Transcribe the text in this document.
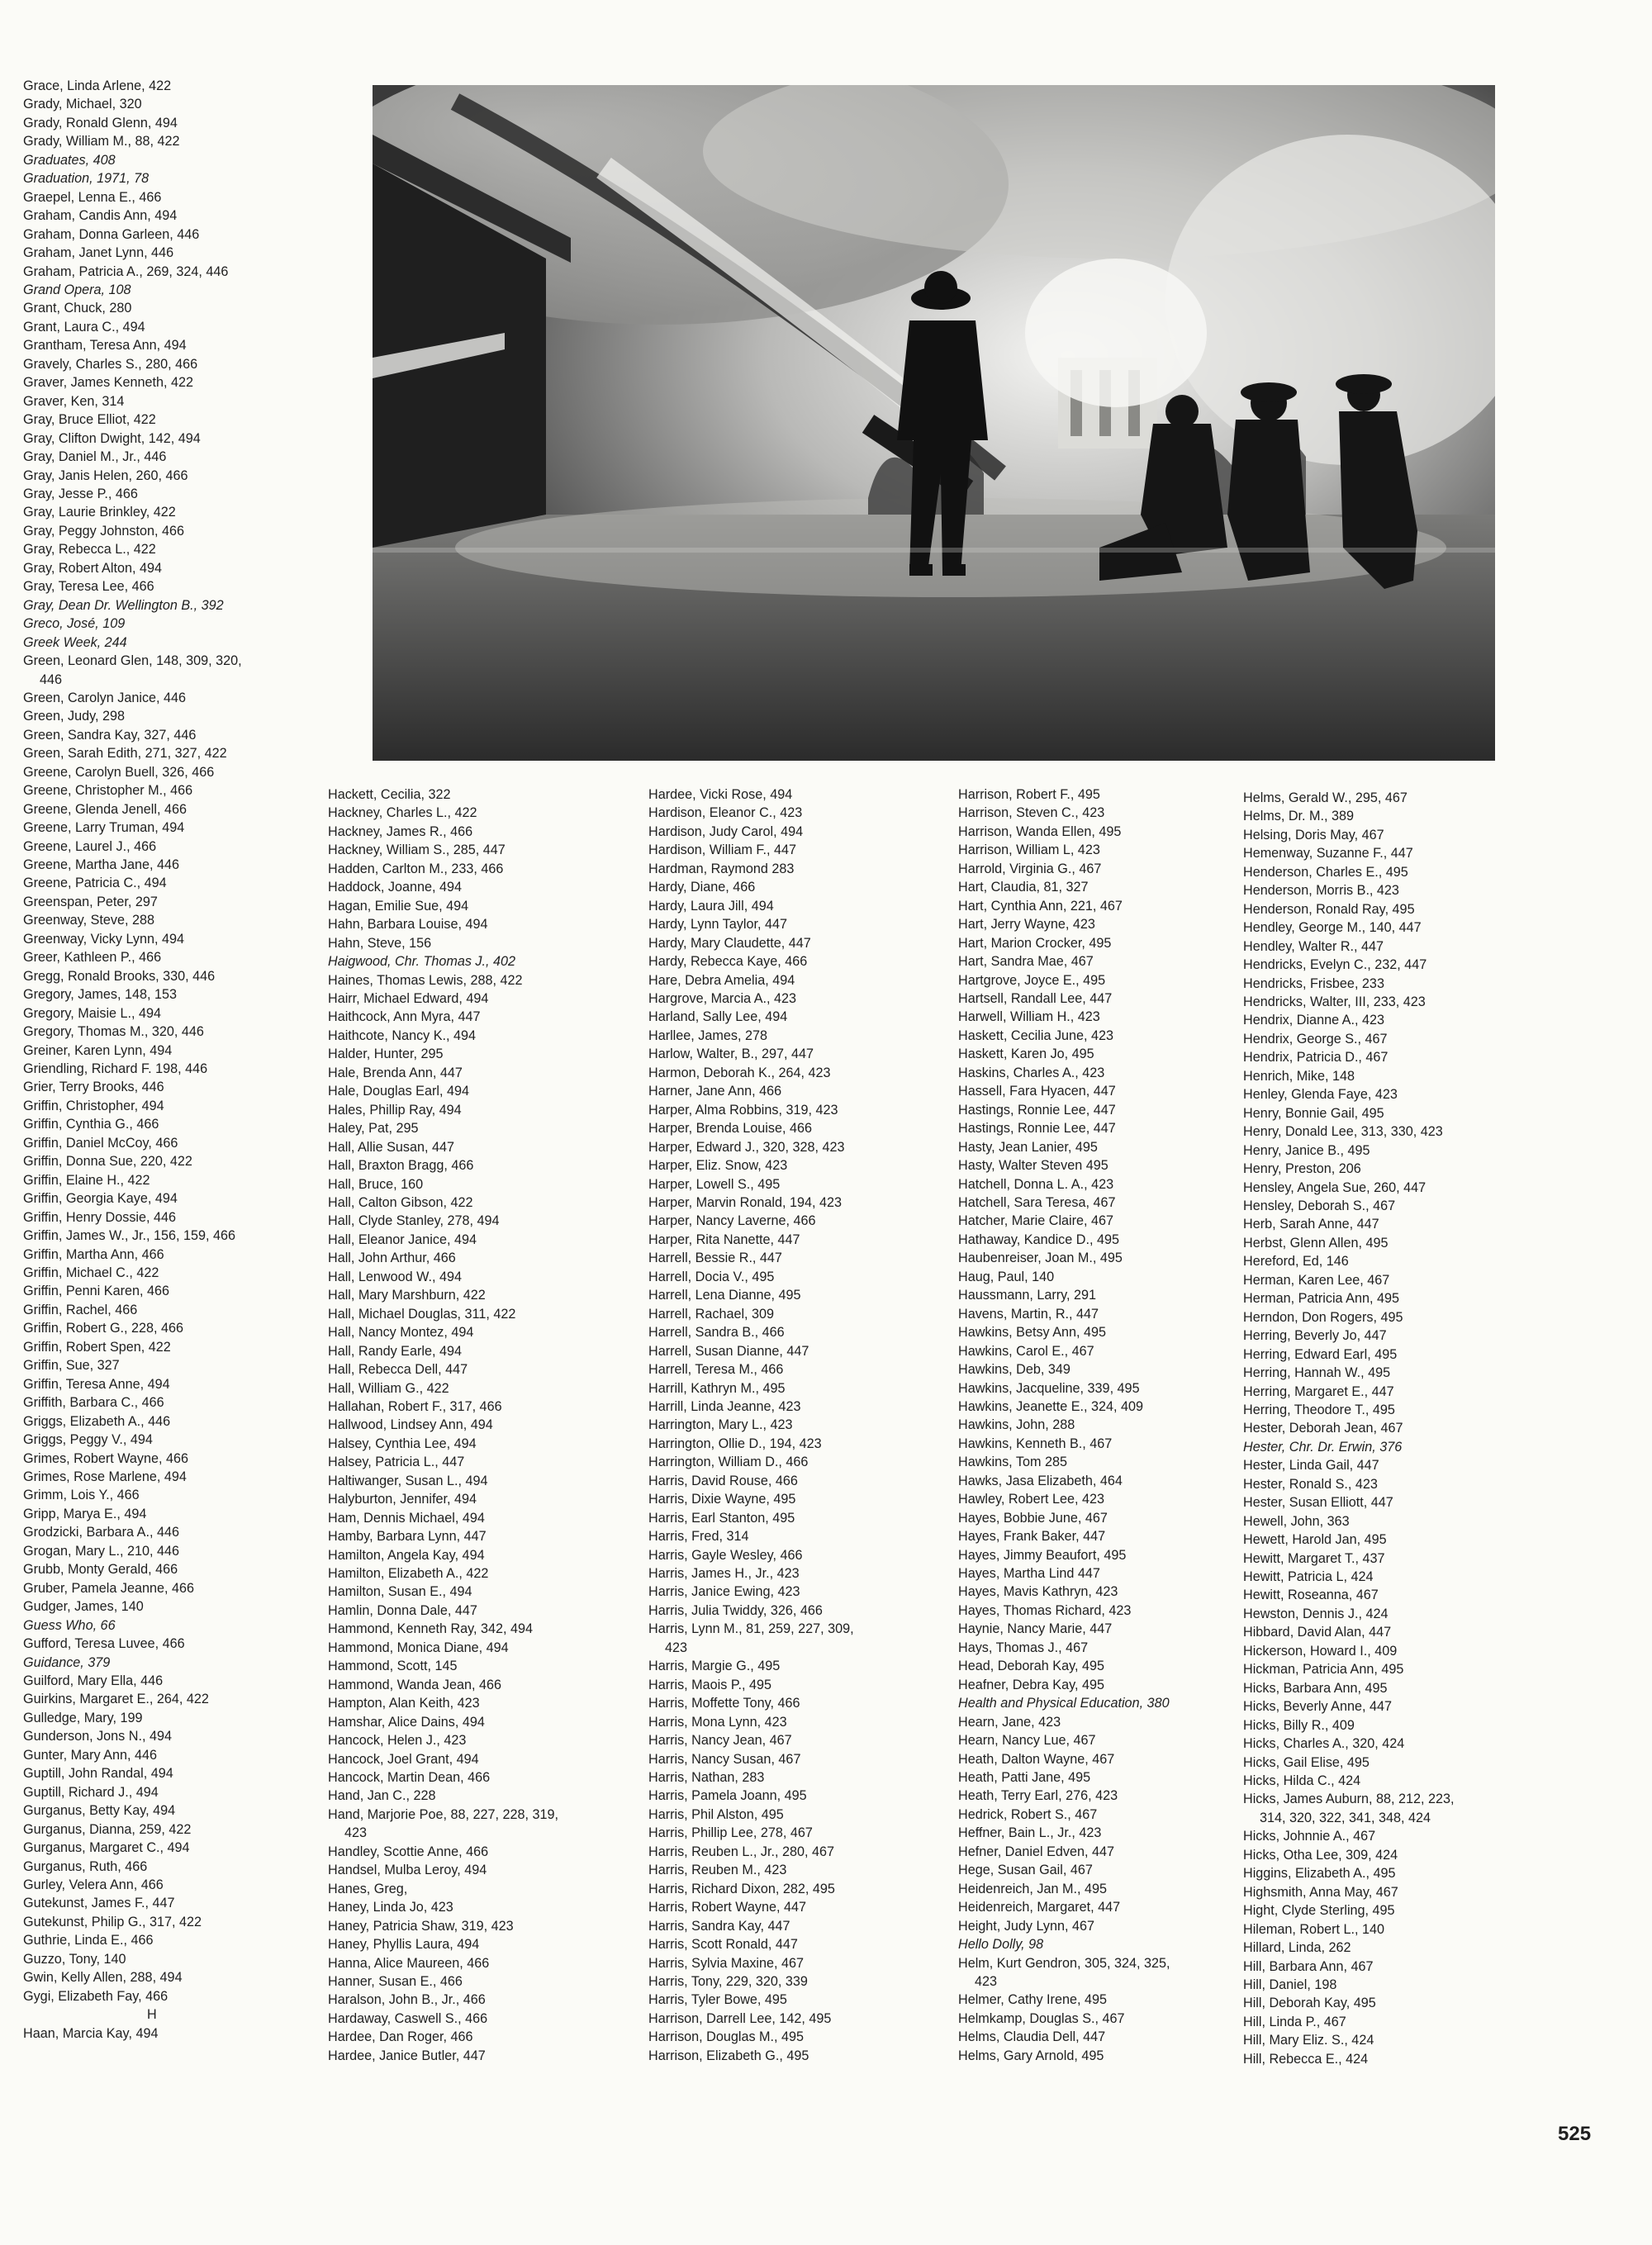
Grace, Linda Arlene, 422
Grady, Michael, 320
Grady, Ronald Glenn, 494
Grady, William M., 88, 422
Graduates, 408
Graduation, 1971, 78
Graepel, Lenna E., 466
Graham, Candis Ann, 494
Graham, Donna Garleen, 446
Graham, Janet Lynn, 446
Graham, Patricia A., 269, 324, 446
Grand Opera, 108
Grant, Chuck, 280
Grant, Laura C., 494
Grantham, Teresa Ann, 494
Gravely, Charles S., 280, 466
Graver, James Kenneth, 422
Graver, Ken, 314
Gray, Bruce Elliot, 422
Gray, Clifton Dwight, 142, 494
Gray, Daniel M., Jr., 446
Gray, Janis Helen, 260, 466
Gray, Jesse P., 466
Gray, Laurie Brinkley, 422
Gray, Peggy Johnston, 466
Gray, Rebecca L., 422
Gray, Robert Alton, 494
Gray, Teresa Lee, 466
Gray, Dean Dr. Wellington B., 392
Greco, José, 109
Greek Week, 244
Green, Leonard Glen, 148, 309, 320,
446
Green, Carolyn Janice, 446
Green, Judy, 298
Green, Sandra Kay, 327, 446
Green, Sarah Edith, 271, 327, 422
Greene, Carolyn Buell, 326, 466
Greene, Christopher M., 466
Greene, Glenda Jenell, 466
Greene, Larry Truman, 494
Greene, Laurel J., 466
Greene, Martha Jane, 446
Greene, Patricia C., 494
Greenspan, Peter, 297
Greenway, Steve, 288
Greenway, Vicky Lynn, 494
Greer, Kathleen P., 466
Gregg, Ronald Brooks, 330, 446
Gregory, James, 148, 153
Gregory, Maisie L., 494
Gregory, Thomas M., 320, 446
Greiner, Karen Lynn, 494
Griendling, Richard F. 198, 446
Grier, Terry Brooks, 446
Griffin, Christopher, 494
Griffin, Cynthia G., 466
Griffin, Daniel McCoy, 466
Griffin, Donna Sue, 220, 422
Griffin, Elaine H., 422
Griffin, Georgia Kaye, 494
Griffin, Henry Dossie, 446
Griffin, James W., Jr., 156, 159, 466
Griffin, Martha Ann, 466
Griffin, Michael C., 422
Griffin, Penni Karen, 466
Griffin, Rachel, 466
Griffin, Robert G., 228, 466
Griffin, Robert Spen, 422
Griffin, Sue, 327
Griffin, Teresa Anne, 494
Griffith, Barbara C., 466
Griggs, Elizabeth A., 446
Griggs, Peggy V., 494
Grimes, Robert Wayne, 466
Grimes, Rose Marlene, 494
Grimm, Lois Y., 466
Gripp, Marya E., 494
Grodzicki, Barbara A., 446
Grogan, Mary L., 210, 446
Grubb, Monty Gerald, 466
Gruber, Pamela Jeanne, 466
Gudger, James, 140
Guess Who, 66
Gufford, Teresa Luvee, 466
Guidance, 379
Guilford, Mary Ella, 446
Guirkins, Margaret E., 264, 422
Gulledge, Mary, 199
Gunderson, Jons N., 494
Gunter, Mary Ann, 446
Guptill, John Randal, 494
Guptill, Richard J., 494
Gurganus, Betty Kay, 494
Gurganus, Dianna, 259, 422
Gurganus, Margaret C., 494
Gurganus, Ruth, 466
Gurley, Velera Ann, 466
Gutekunst, James F., 447
Gutekunst, Philip G., 317, 422
Guthrie, Linda E., 466
Guzzo, Tony, 140
Gwin, Kelly Allen, 288, 494
Gygi, Elizabeth Fay, 466
H
Haan, Marcia Kay, 494
Hackett, Cecilia, 322
Hackney, Charles L., 422
Hackney, James R., 466
Hackney, William S., 285, 447
Hadden, Carlton M., 233, 466
Haddock, Joanne, 494
Hagan, Emilie Sue, 494
Hahn, Barbara Louise, 494
Hahn, Steve, 156
Haigwood, Chr. Thomas J., 402
Haines, Thomas Lewis, 288, 422
Hairr, Michael Edward, 494
Haithcock, Ann Myra, 447
Haithcote, Nancy K., 494
Halder, Hunter, 295
Hale, Brenda Ann, 447
Hale, Douglas Earl, 494
Hales, Phillip Ray, 494
Haley, Pat, 295
Hall, Allie Susan, 447
Hall, Braxton Bragg, 466
Hall, Bruce, 160
Hall, Calton Gibson, 422
Hall, Clyde Stanley, 278, 494
Hall, Eleanor Janice, 494
Hall, John Arthur, 466
Hall, Lenwood W., 494
Hall, Mary Marshburn, 422
Hall, Michael Douglas, 311, 422
Hall, Nancy Montez, 494
Hall, Randy Earle, 494
Hall, Rebecca Dell, 447
Hall, William G., 422
Hallahan, Robert F., 317, 466
Hallwood, Lindsey Ann, 494
Halsey, Cynthia Lee, 494
Halsey, Patricia L., 447
Haltiwanger, Susan L., 494
Halyburton, Jennifer, 494
Ham, Dennis Michael, 494
Hamby, Barbara Lynn, 447
Hamilton, Angela Kay, 494
Hamilton, Elizabeth A., 422
Hamilton, Susan E., 494
Hamlin, Donna Dale, 447
Hammond, Kenneth Ray, 342, 494
Hammond, Monica Diane, 494
Hammond, Scott, 145
Hammond, Wanda Jean, 466
Hampton, Alan Keith, 423
Hamshar, Alice Dains, 494
Hancock, Helen J., 423
Hancock, Joel Grant, 494
Hancock, Martin Dean, 466
Hand, Jan C., 228
Hand, Marjorie Poe, 88, 227, 228, 319,
423
Handley, Scottie Anne, 466
Handsel, Mulba Leroy, 494
Hanes, Greg,
Haney, Linda Jo, 423
Haney, Patricia Shaw, 319, 423
Haney, Phyllis Laura, 494
Hanna, Alice Maureen, 466
Hanner, Susan E., 466
Haralson, John B., Jr., 466
Hardaway, Caswell S., 466
Hardee, Dan Roger, 466
Hardee, Janice Butler, 447
Hardee, Vicki Rose, 494
Hardison, Eleanor C., 423
Hardison, Judy Carol, 494
Hardison, William F., 447
Hardman, Raymond 283
Hardy, Diane, 466
Hardy, Laura Jill, 494
Hardy, Lynn Taylor, 447
Hardy, Mary Claudette, 447
Hardy, Rebecca Kaye, 466
Hare, Debra Amelia, 494
Hargrove, Marcia A., 423
Harland, Sally Lee, 494
Harllee, James, 278
Harlow, Walter, B., 297, 447
Harmon, Deborah K., 264, 423
Harner, Jane Ann, 466
Harper, Alma Robbins, 319, 423
Harper, Brenda Louise, 466
Harper, Edward J., 320, 328, 423
Harper, Eliz. Snow, 423
Harper, Lowell S., 495
Harper, Marvin Ronald, 194, 423
Harper, Nancy Laverne, 466
Harper, Rita Nanette, 447
Harrell, Bessie R., 447
Harrell, Docia V., 495
Harrell, Lena Dianne, 495
Harrell, Rachael, 309
Harrell, Sandra B., 466
Harrell, Susan Dianne, 447
Harrell, Teresa M., 466
Harrill, Kathryn M., 495
Harrill, Linda Jeanne, 423
Harrington, Mary L., 423
Harrington, Ollie D., 194, 423
Harrington, William D., 466
Harris, David Rouse, 466
Harris, Dixie Wayne, 495
Harris, Earl Stanton, 495
Harris, Fred, 314
Harris, Gayle Wesley, 466
Harris, James H., Jr., 423
Harris, Janice Ewing, 423
Harris, Julia Twiddy, 326, 466
Harris, Lynn M., 81, 259, 227, 309,
423
Harris, Margie G., 495
Harris, Maois P., 495
Harris, Moffette Tony, 466
Harris, Mona Lynn, 423
Harris, Nancy Jean, 467
Harris, Nancy Susan, 467
Harris, Nathan, 283
Harris, Pamela Joann, 495
Harris, Phil Alston, 495
Harris, Phillip Lee, 278, 467
Harris, Reuben L., Jr., 280, 467
Harris, Reuben M., 423
Harris, Richard Dixon, 282, 495
Harris, Robert Wayne, 447
Harris, Sandra Kay, 447
Harris, Scott Ronald, 447
Harris, Sylvia Maxine, 467
Harris, Tony, 229, 320, 339
Harris, Tyler Bowe, 495
Harrison, Darrell Lee, 142, 495
Harrison, Douglas M., 495
Harrison, Elizabeth G., 495
Harrison, Robert F., 495
Harrison, Steven C., 423
Harrison, Wanda Ellen, 495
Harrison, William L, 423
Harrold, Virginia G., 467
Hart, Claudia, 81, 327
Hart, Cynthia Ann, 221, 467
Hart, Jerry Wayne, 423
Hart, Marion Crocker, 495
Hart, Sandra Mae, 467
Hartgrove, Joyce E., 495
Hartsell, Randall Lee, 447
Harwell, William H., 423
Haskett, Cecilia June, 423
Haskett, Karen Jo, 495
Haskins, Charles A., 423
Hassell, Fara Hyacen, 447
Hastings, Ronnie Lee, 447
Hastings, Ronnie Lee, 447
Hasty, Jean Lanier, 495
Hasty, Walter Steven 495
Hatchell, Donna L. A., 423
Hatchell, Sara Teresa, 467
Hatcher, Marie Claire, 467
Hathaway, Kandice D., 495
Haubenreiser, Joan M., 495
Haug, Paul, 140
Haussmann, Larry, 291
Havens, Martin, R., 447
Hawkins, Betsy Ann, 495
Hawkins, Carol E., 467
Hawkins, Deb, 349
Hawkins, Jacqueline, 339, 495
Hawkins, Jeanette E., 324, 409
Hawkins, John, 288
Hawkins, Kenneth B., 467
Hawkins, Tom 285
Hawks, Jasa Elizabeth, 464
Hawley, Robert Lee, 423
Hayes, Bobbie June, 467
Hayes, Frank Baker, 447
Hayes, Jimmy Beaufort, 495
Hayes, Martha Lind 447
Hayes, Mavis Kathryn, 423
Hayes, Thomas Richard, 423
Haynie, Nancy Marie, 447
Hays, Thomas J., 467
Head, Deborah Kay, 495
Heafner, Debra Kay, 495
Health and Physical Education, 380
Hearn, Jane, 423
Hearn, Nancy Lue, 467
Heath, Dalton Wayne, 467
Heath, Patti Jane, 495
Heath, Terry Earl, 276, 423
Hedrick, Robert S., 467
Heffner, Bain L., Jr., 423
Hefner, Daniel Edven, 447
Hege, Susan Gail, 467
Heidenreich, Jan M., 495
Heidenreich, Margaret, 447
Height, Judy Lynn, 467
Hello Dolly, 98
Helm, Kurt Gendron, 305, 324, 325,
423
Helmer, Cathy Irene, 495
Helmkamp, Douglas S., 467
Helms, Claudia Dell, 447
Helms, Gary Arnold, 495
Helms, Gerald W., 295, 467
Helms, Dr. M., 389
Helsing, Doris May, 467
Hemenway, Suzanne F., 447
Henderson, Charles E., 495
Henderson, Morris B., 423
Henderson, Ronald Ray, 495
Hendley, George M., 140, 447
Hendley, Walter R., 447
Hendricks, Evelyn C., 232, 447
Hendricks, Frisbee, 233
Hendricks, Walter, III, 233, 423
Hendrix, Dianne A., 423
Hendrix, George S., 467
Hendrix, Patricia D., 467
Henrich, Mike, 148
Henley, Glenda Faye, 423
Henry, Bonnie Gail, 495
Henry, Donald Lee, 313, 330, 423
Henry, Janice B., 495
Henry, Preston, 206
Hensley, Angela Sue, 260, 447
Hensley, Deborah S., 467
Herb, Sarah Anne, 447
Herbst, Glenn Allen, 495
Hereford, Ed, 146
Herman, Karen Lee, 467
Herman, Patricia Ann, 495
Herndon, Don Rogers, 495
Herring, Beverly Jo, 447
Herring, Edward Earl, 495
Herring, Hannah W., 495
Herring, Margaret E., 447
Herring, Theodore T., 495
Hester, Deborah Jean, 467
Hester, Chr. Dr. Erwin, 376
Hester, Linda Gail, 447
Hester, Ronald S., 423
Hester, Susan Elliott, 447
Hewell, John, 363
Hewett, Harold Jan, 495
Hewitt, Margaret T., 437
Hewitt, Patricia L, 424
Hewitt, Roseanna, 467
Hewston, Dennis J., 424
Hibbard, David Alan, 447
Hickerson, Howard I., 409
Hickman, Patricia Ann, 495
Hicks, Barbara Ann, 495
Hicks, Beverly Anne, 447
Hicks, Billy R., 409
Hicks, Charles A., 320, 424
Hicks, Gail Elise, 495
Hicks, Hilda C., 424
Hicks, James Auburn, 88, 212, 223,
314, 320, 322, 341, 348, 424
Hicks, Johnnie A., 467
Hicks, Otha Lee, 309, 424
Higgins, Elizabeth A., 495
Highsmith, Anna May, 467
Hight, Clyde Sterling, 495
Hileman, Robert L., 140
Hillard, Linda, 262
Hill, Barbara Ann, 467
Hill, Daniel, 198
Hill, Deborah Kay, 495
Hill, Linda P., 467
Hill, Mary Eliz. S., 424
Hill, Rebecca E., 424
525
